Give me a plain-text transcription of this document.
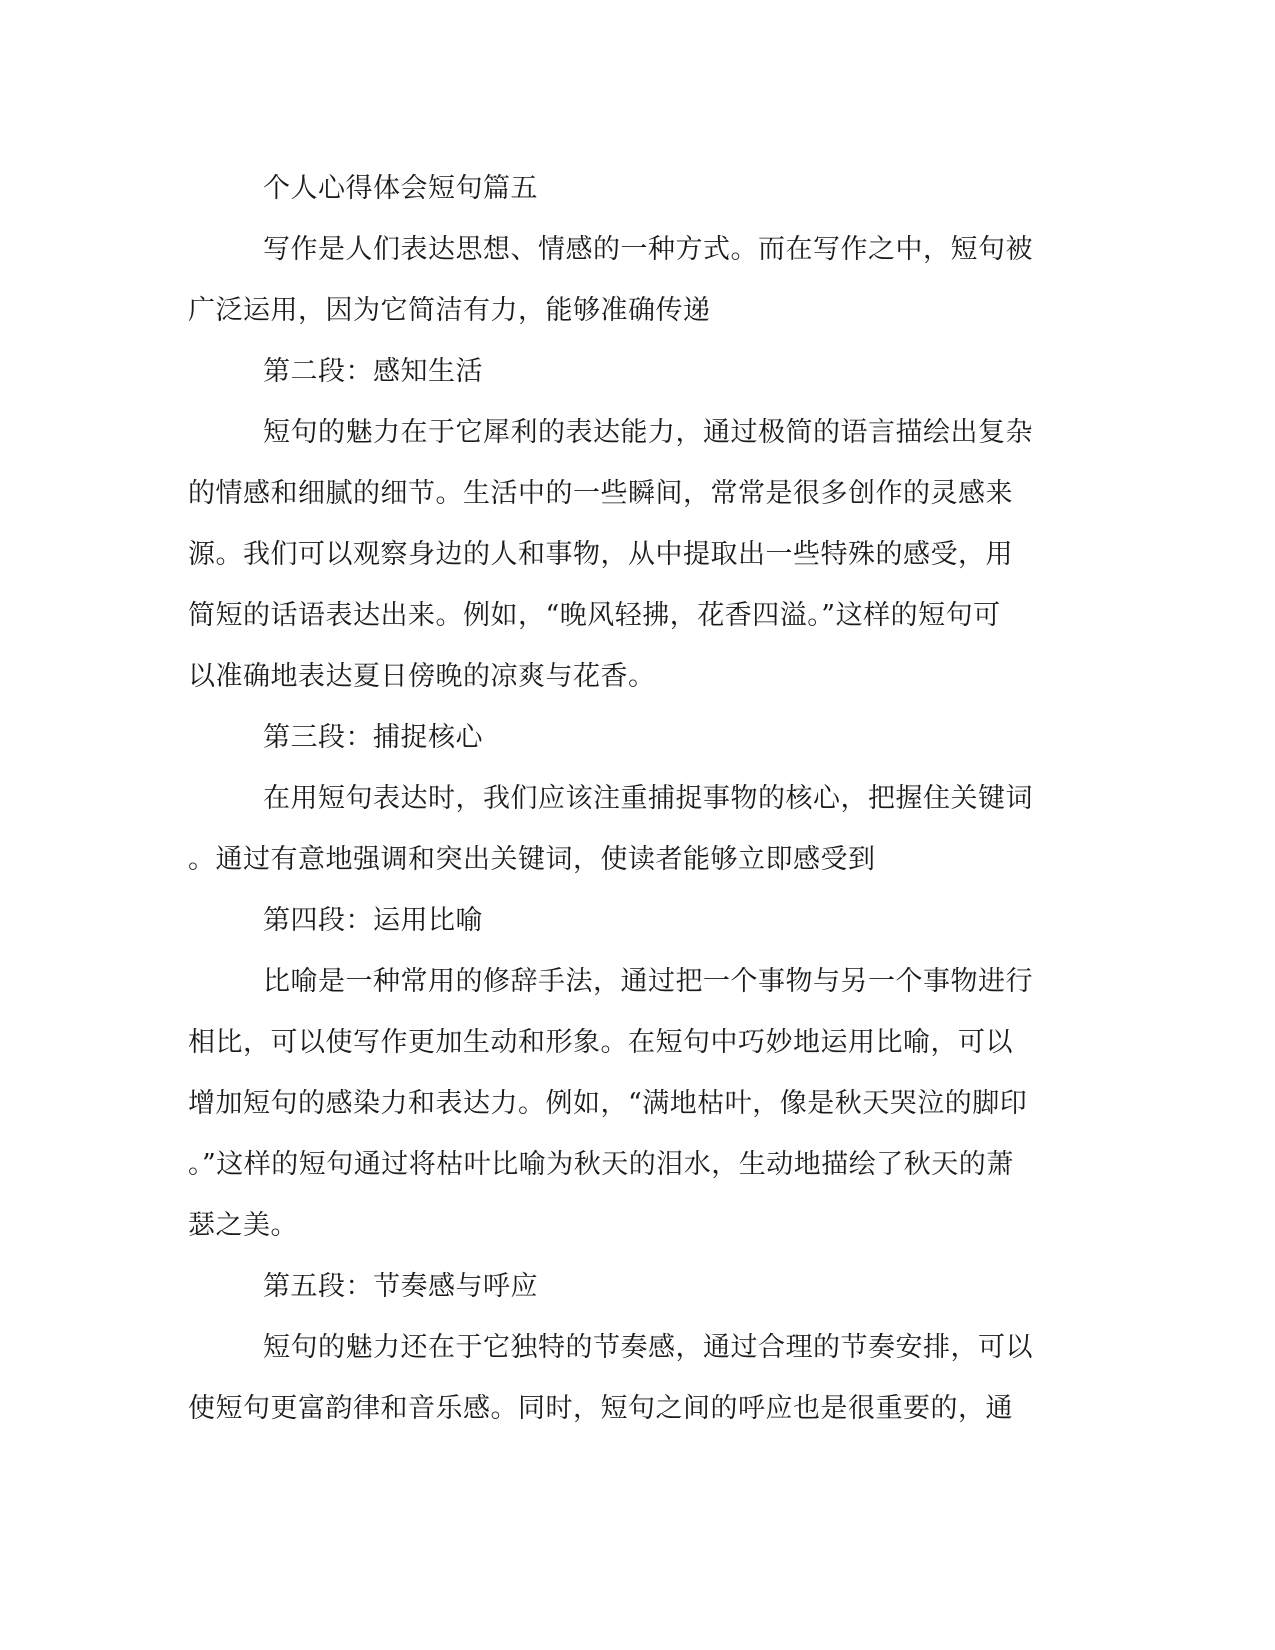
个人心得体会短句篇五
写作是人们表达思想、情感的一种方式。而在写作之中，短句被
广泛运用，因为它简洁有力，能够准确传递
第二段：感知生活
短句的魅力在于它犀利的表达能力，通过极简的语言描绘出复杂
的情感和细腻的细节。生活中的一些瞬间，常常是很多创作的灵感来
源。我们可以观察身边的人和事物，从中提取出一些特殊的感受，用
简短的话语表达出来。例如，“晚风轻拂，花香四溢。”这样的短句可
以准确地表达夏日傍晚的凉爽与花香。
第三段：捕捉核心
在用短句表达时，我们应该注重捕捉事物的核心，把握住关键词
。通过有意地强调和突出关键词，使读者能够立即感受到
第四段：运用比喻
比喻是一种常用的修辞手法，通过把一个事物与另一个事物进行
相比，可以使写作更加生动和形象。在短句中巧妙地运用比喻，可以
增加短句的感染力和表达力。例如，“满地枯叶，像是秋天哭泣的脚印
。”这样的短句通过将枯叶比喻为秋天的泪水，生动地描绘了秋天的萧
瑟之美。
第五段：节奏感与呼应
短句的魅力还在于它独特的节奏感，通过合理的节奏安排，可以
使短句更富韵律和音乐感。同时，短句之间的呼应也是很重要的，通
